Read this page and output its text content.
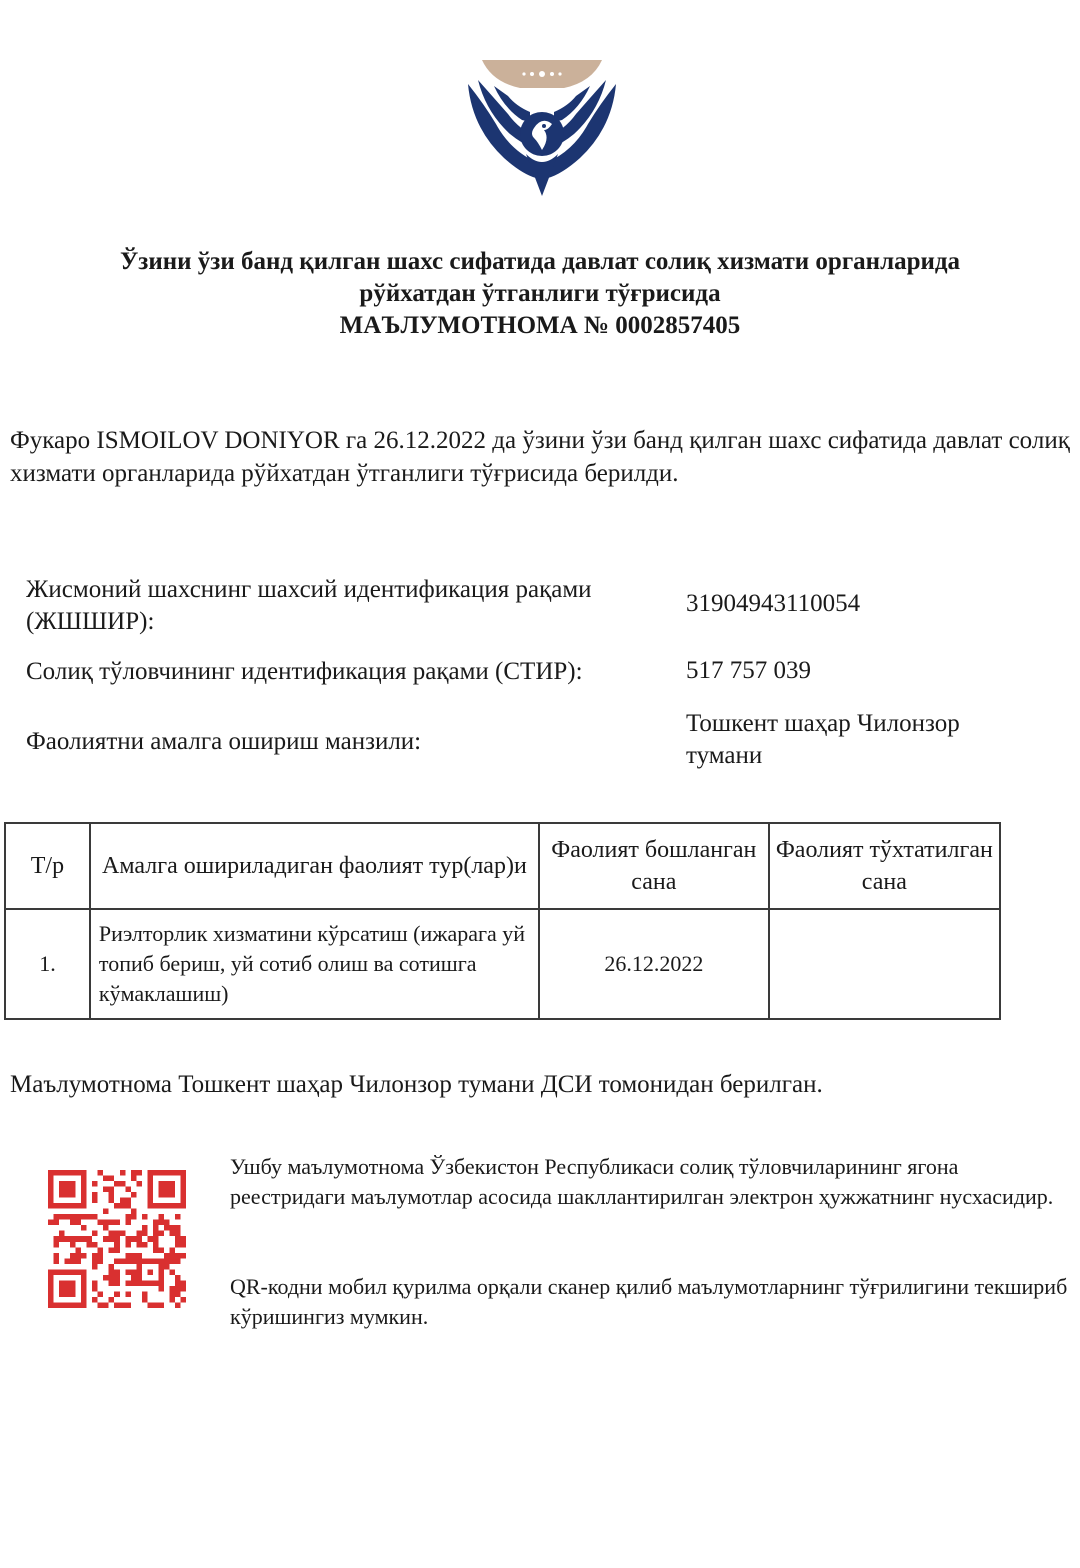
Ўзини ўзи банд қилган шахс сифатида давлат солиқ хизмати органларида
рўйхатдан ўтганлиги тўғрисида
МАЪЛУМОТНОМА № 0002857405
Фукаро ISMOILOV DONIYOR га 26.12.2022 да ўзини ўзи банд қилган шахс сифатида давлат солиқ хизмати органларида рўйхатдан ўтганлиги тўғрисида берилди.
Жисмоний шахснинг шахсий идентификация рақами (ЖШШИР):
31904943110054
Солиқ тўловчининг идентификация рақами (СТИР):	517 757 039
Фаолиятни амалга ошириш манзили:
Тошкент шаҳар Чилонзор тумани
Т/р	Амалга ошириладиган фаолият тур(лар)и	Фаолият бошланган сана	Фаолият тўхтатилган сана
1.	Риэлторлик хизматини кўрсатиш (ижарага уй топиб бериш, уй сотиб олиш ва сотишга кўмаклашиш)	26.12.2022	
Маълумотнома Тошкент шаҳар Чилонзор тумани ДСИ томонидан берилган.
Ушбу маълумотнома Ўзбекистон Республикаси солиқ тўловчиларининг ягона реестридаги маълумотлар асосида шакллантирилган электрон ҳужжатнинг нусхасидир.
QR-кодни мобил қурилма орқали сканер қилиб маълумотларнинг тўғрилигини текшириб кўришингиз мумкин.
